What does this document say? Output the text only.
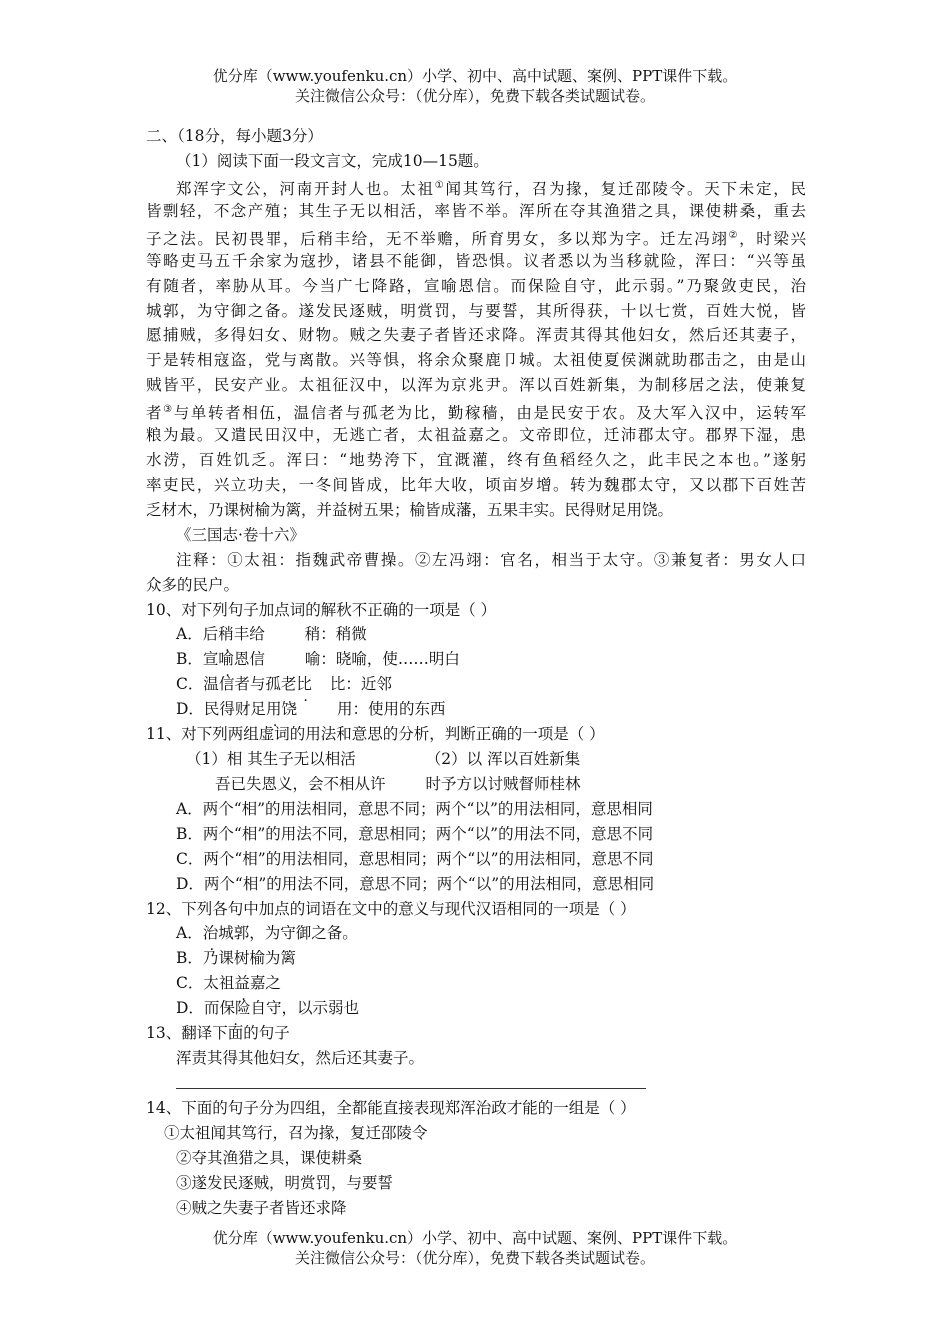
优分库（www.youfenku.cn）小学、初中、高中试题、案例、PPT课件下载。
关注微信公众号：（优分库），免费下载各类试题试卷。
二、（18分，每小题3分）
（1）阅读下面一段文言文，完成10—15题。
郑浑字文公，河南开封人也。太祖①闻其笃行，召为掾，复迁邵陵令。天下未定，民
皆剽轻，不念产殖；其生子无以相活，率皆不举。浑所在夺其渔猎之具，课使耕桑，重去
子之法。民初畏罪，后稍丰给，无不举赡，所育男女，多以郑为字。迁左冯翊②，时梁兴
等略吏马五千余家为寇抄，诸县不能御，皆恐惧。议者悉以为当移就险，浑曰：“兴等虽
有随者，率胁从耳。今当广七降路，宣喻恩信。而保险自守，此示弱。”乃聚敛吏民，治
城郭，为守御之备。遂发民逐贼，明赏罚，与要誓，其所得获，十以七赏，百姓大悦，皆
愿捕贼，多得妇女、财物。贼之失妻子者皆还求降。浑责其得其他妇女，然后还其妻子，
于是转相寇盗，党与离散。兴等惧，将余众聚鹿卩城。太祖使夏侯渊就助郡击之，由是山
贼皆平，民安产业。太祖征汉中，以浑为京兆尹。浑以百姓新集，为制移居之法，使兼复
者③与单转者相伍，温信者与孤老为比，勤稼穑，由是民安于农。及大军入汉中，运转军
粮为最。又遣民田汉中，无逃亡者，太祖益嘉之。文帝即位，迁沛郡太守。郡界下湿，患
水涝，百姓饥乏。浑曰：“地势洿下，宜溉灌，终有鱼稻经久之，此丰民之本也。”遂躬
率吏民，兴立功夫，一冬间皆成，比年大收，顷亩岁增。转为魏郡太守，又以郡下百姓苦
乏材木，乃课树榆为篱，并益树五果；榆皆成藩，五果丰实。民得财足用饶。
《三国志·卷十六》
注释：①太祖：指魏武帝曹操。②左冯翊：官名，相当于太守。③兼复者：男女人口
众多的民户。
10、对下列句子加点词的解秋不正确的一项是（ ）
A．后稍丰给	稍：稍微
B．宣喻恩信	喻：晓喻，使……明白
C．温信者与孤老比 比：近邻
D．民得财足用饶	用：使用的东西
11、对下列两组虚词的用法和意思的分析，判断正确的一项是（ ）
（1）相 其生子无以相活	（2）以 浑以百姓新集
吾已失恩义，会不相从许	时予方以讨贼督师桂林
A．两个“相”的用法相同，意思不同；两个“以”的用法相同，意思相同
B．两个“相”的用法不同，意思相同；两个“以”的用法不同，意思不同
C．两个“相”的用法相同，意思相同；两个“以”的用法相同，意思不同
D．两个“相”的用法不同，意思不同；两个“以”的用法相同，意思相同
12、下列各句中加点的词语在文中的意义与现代汉语相同的一项是（ ）
A．治城郭，为守御之备。
B．乃课树榆为篱
C．太祖益嘉之
D．而保险自守，以示弱也
13、翻译下面的句子
浑责其得其他妇女，然后还其妻子。
14、下面的句子分为四组，全都能直接表现郑浑治政才能的一组是（ ）
①太祖闻其笃行，召为掾，复迁邵陵令
②夺其渔猎之具，课使耕桑
③遂发民逐贼，明赏罚，与要誓
④贼之失妻子者皆还求降
优分库（www.youfenku.cn）小学、初中、高中试题、案例、PPT课件下载。
关注微信公众号：（优分库），免费下载各类试题试卷。
